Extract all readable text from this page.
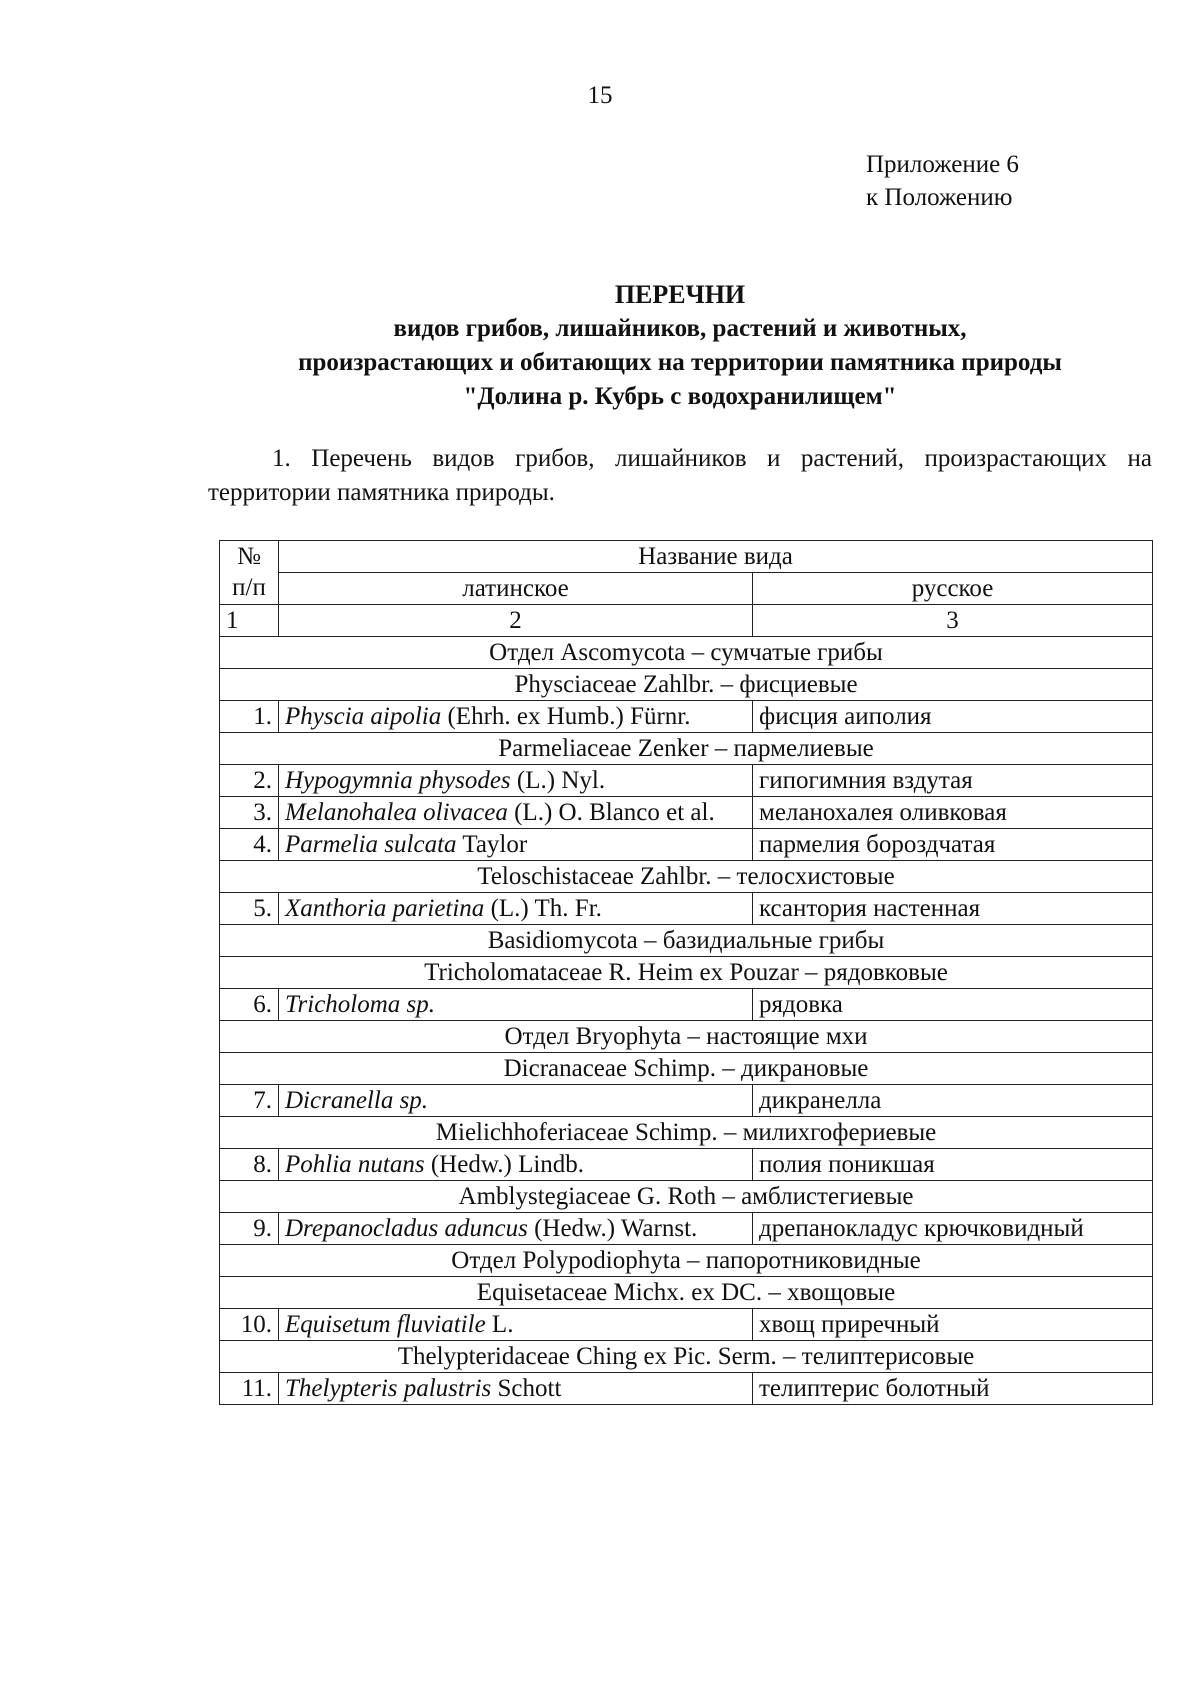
15
Приложение 6
к Положению
ПЕРЕЧНИ
видов грибов, лишайников, растений и животных,
произрастающих и обитающих на территории памятника природы
"Долина р. Кубрь с водохранилищем"
1. Перечень видов грибов, лишайников и растений, произрастающих на территории памятника природы.
№
п/п	Название вида	
	латинское	русское
1	2	3
Отдел Ascomycota – сумчатые грибы		
Physciaceae Zahlbr. – фисциевые		
1.	Physcia aipolia (Ehrh. ex Humb.) Fürnr.	фисция аиполия
Parmeliaceae Zenker – пармелиевые		
2.	Hypogymnia physodes (L.) Nyl.	гипогимния вздутая
3.	Melanohalea olivacea (L.) O. Blanco et al.	меланохалея оливковая
4.	Parmelia sulcata Taylor	пармелия бороздчатая
Teloschistaceae Zahlbr. – телосхистовые		
5.	Xanthoria parietina (L.) Th. Fr.	ксантория настенная
Basidiomycota – базидиальные грибы		
Tricholomataceae R. Heim ex Pouzar – рядовковые		
6.	Tricholoma sp.	рядовка
Отдел Bryophyta – настоящие мхи		
Dicranaceae Schimp. – дикрановые		
7.	Dicranella sp.	дикранелла
Mielichhoferiaceae Schimp. – милихгофериевые		
8.	Pohlia nutans (Hedw.) Lindb.	полия поникшая
Amblystegiaceae G. Roth – амблистегиевые		
9.	Drepanocladus aduncus (Hedw.) Warnst.	дрепанокладус крючковидный
Отдел Polypodiophyta – папоротниковидные		
Equisetaceae Michx. ex DC. – хвощовые		
10.	Equisetum fluviatile L.	хвощ приречный
Thelypteridaceae Ching ex Pic. Serm. – телиптерисовые		
11.	Thelypteris palustris Schott	телиптерис болотный
